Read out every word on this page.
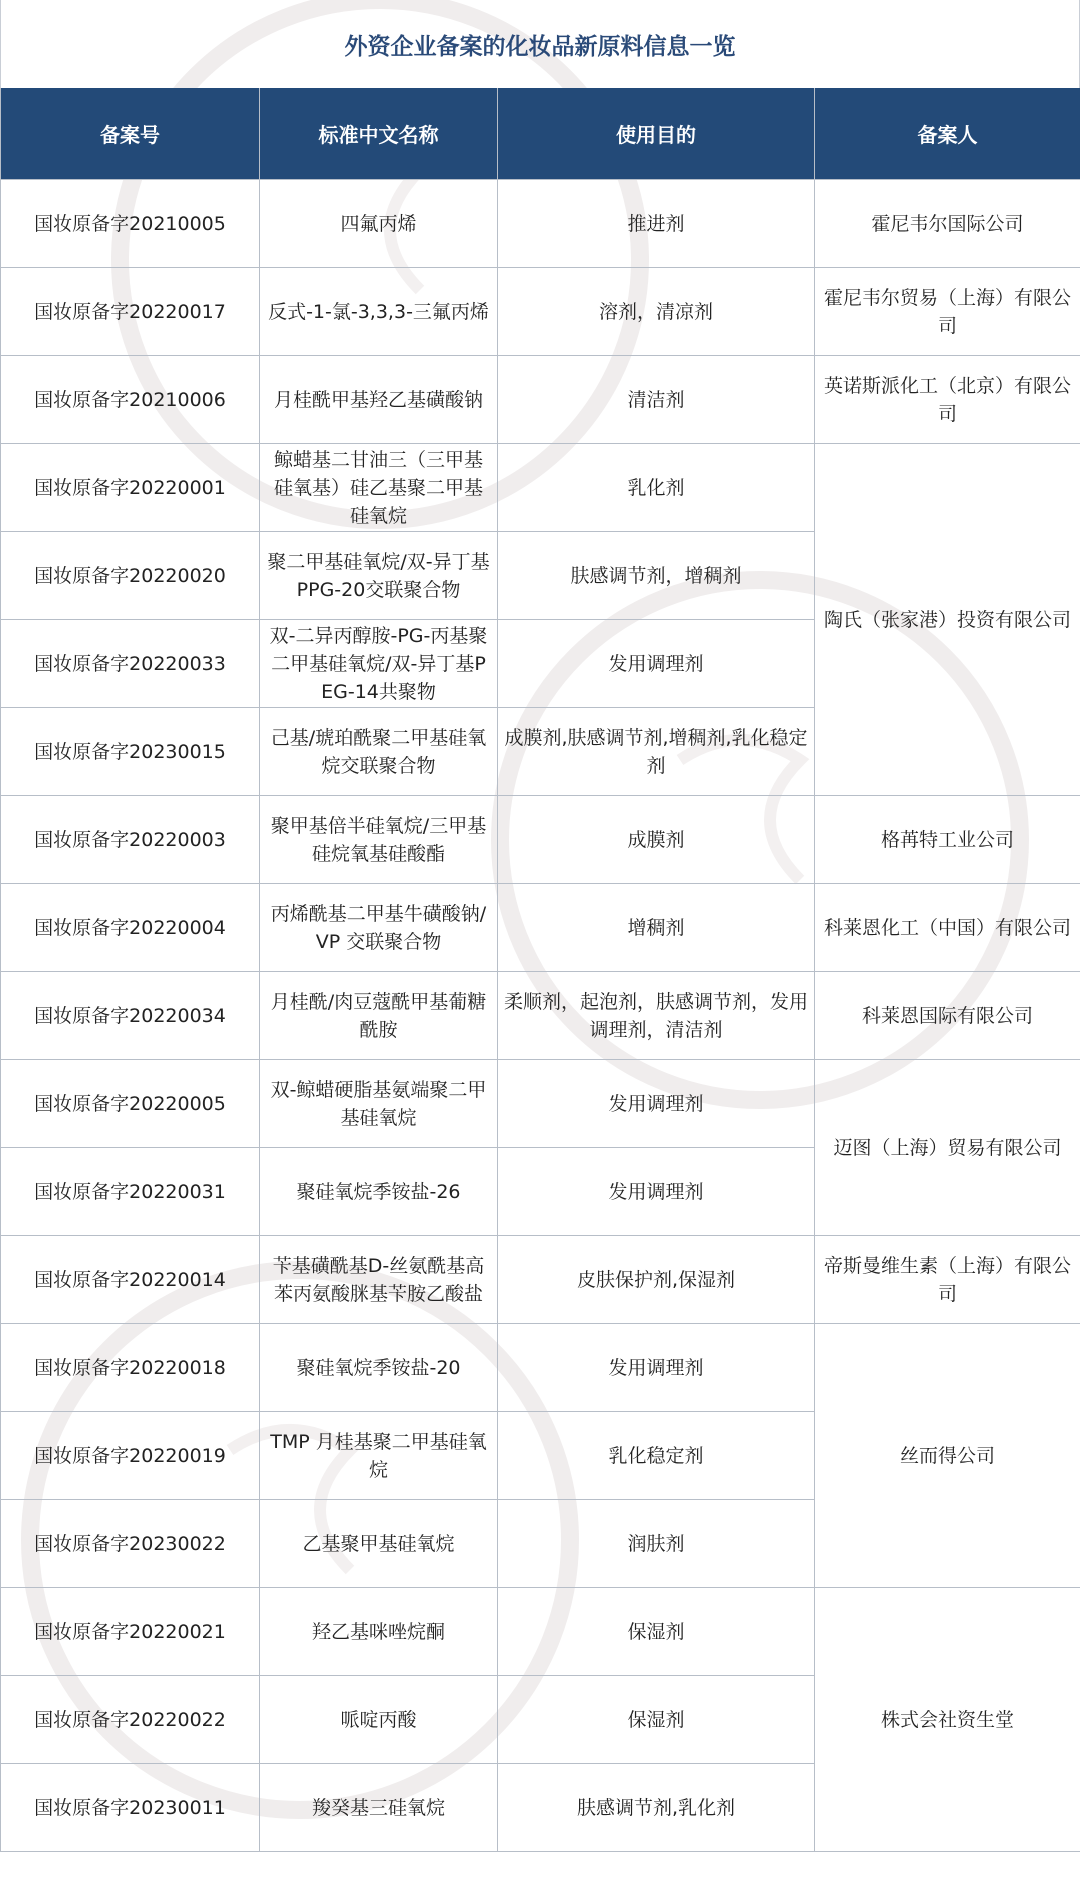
外资企业备案的化妆品新原料信息一览
备案号	标准中文名称	使用目的	备案人
国妆原备字20210005	四氟丙烯	推进剂	霍尼韦尔国际公司
国妆原备字20220017	反式-1-氯-3,3,3-三氟丙烯	溶剂，清凉剂	霍尼韦尔贸易（上海）有限公司
国妆原备字20210006	月桂酰甲基羟乙基磺酸钠	清洁剂	英诺斯派化工（北京）有限公司
国妆原备字20220001	鲸蜡基二甘油三（三甲基硅氧基）硅乙基聚二甲基硅氧烷	乳化剂	陶氏（张家港）投资有限公司
国妆原备字20220020	聚二甲基硅氧烷/双-异丁基PPG-20交联聚合物	肤感调节剂，增稠剂	
国妆原备字20220033	双-二异丙醇胺-PG-丙基聚二甲基硅氧烷/双-异丁基PEG-14共聚物	发用调理剂	
国妆原备字20230015	己基/琥珀酰聚二甲基硅氧烷交联聚合物	成膜剂,肤感调节剂,增稠剂,乳化稳定剂	
国妆原备字20220003	聚甲基倍半硅氧烷/三甲基硅烷氧基硅酸酯	成膜剂	格苒特工业公司
国妆原备字20220004	丙烯酰基二甲基牛磺酸钠/VP 交联聚合物	增稠剂	科莱恩化工（中国）有限公司
国妆原备字20220034	月桂酰/肉豆蔻酰甲基葡糖酰胺	柔顺剂，起泡剂，肤感调节剂，发用调理剂，清洁剂	科莱恩国际有限公司
国妆原备字20220005	双-鲸蜡硬脂基氨端聚二甲基硅氧烷	发用调理剂	迈图（上海）贸易有限公司
国妆原备字20220031	聚硅氧烷季铵盐-26	发用调理剂	
国妆原备字20220014	苄基磺酰基D-丝氨酰基高苯丙氨酸脒基苄胺乙酸盐	皮肤保护剂,保湿剂	帝斯曼维生素（上海）有限公司
国妆原备字20220018	聚硅氧烷季铵盐-20	发用调理剂	丝而得公司
国妆原备字20220019	TMP 月桂基聚二甲基硅氧烷	乳化稳定剂	
国妆原备字20230022	乙基聚甲基硅氧烷	润肤剂	
国妆原备字20220021	羟乙基咪唑烷酮	保湿剂	株式会社资生堂
国妆原备字20220022	哌啶丙酸	保湿剂	
国妆原备字20230011	羧癸基三硅氧烷	肤感调节剂,乳化剂	
